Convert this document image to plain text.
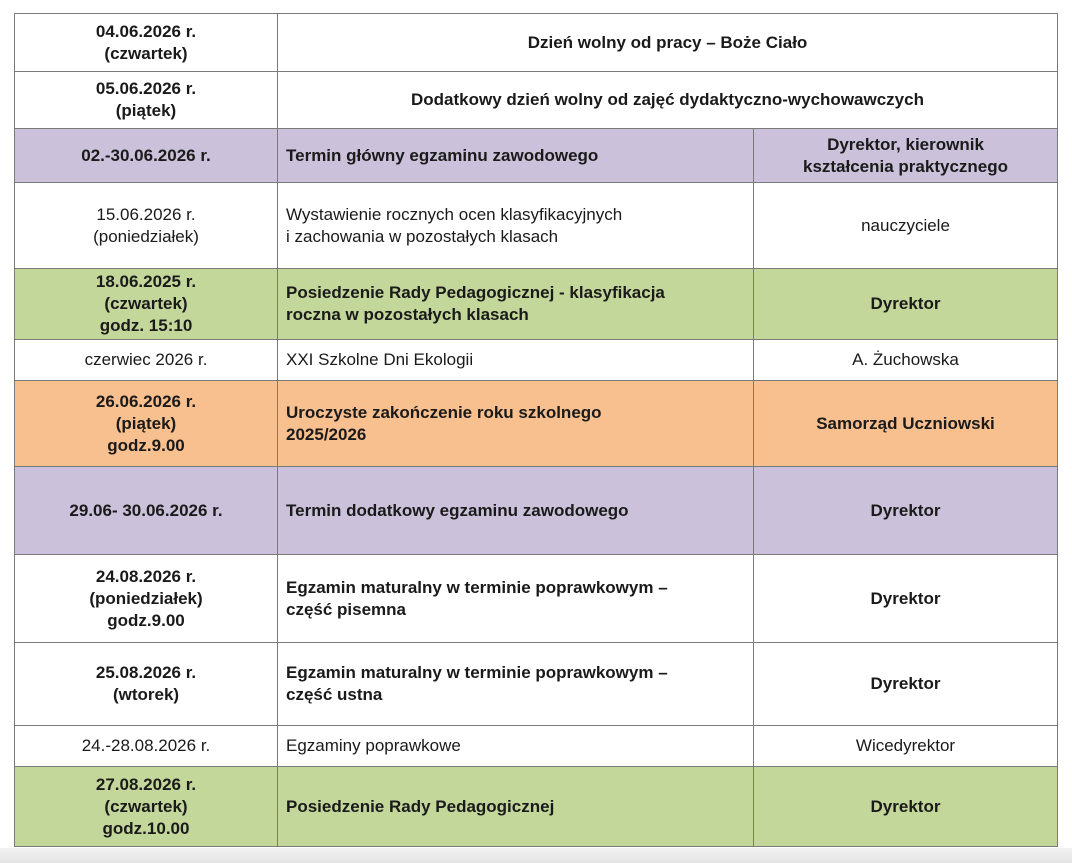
04.06.2026 r.
(czwartek)	Dzień wolny od pracy – Boże Ciało	

05.06.2026 r.
(piątek)	Dodatkowy dzień wolny od zajęć dydaktyczno-wychowawczych	

02.-30.06.2026 r.	Termin główny egzaminu zawodowego	Dyrektor, kierownik
kształcenia praktycznego

15.06.2026 r.
(poniedziałek)	Wystawienie rocznych ocen klasyfikacyjnych
i zachowania w pozostałych klasach	nauczyciele

18.06.2025 r.
(czwartek)
godz. 15:10	Posiedzenie Rady Pedagogicznej - klasyfikacja
roczna w pozostałych klasach	Dyrektor

czerwiec 2026 r.	XXI Szkolne Dni Ekologii	A. Żuchowska

26.06.2026 r.
(piątek)
godz.9.00	Uroczyste zakończenie roku szkolnego
2025/2026	Samorząd Uczniowski

29.06- 30.06.2026 r.	Termin dodatkowy egzaminu zawodowego	Dyrektor

24.08.2026 r.
(poniedziałek)
godz.9.00	Egzamin maturalny w terminie poprawkowym –
część pisemna	Dyrektor

25.08.2026 r.
(wtorek)	Egzamin maturalny w terminie poprawkowym –
część ustna	Dyrektor

24.-28.08.2026 r.	Egzaminy poprawkowe	Wicedyrektor

27.08.2026 r.
(czwartek)
godz.10.00	Posiedzenie Rady Pedagogicznej	Dyrektor
